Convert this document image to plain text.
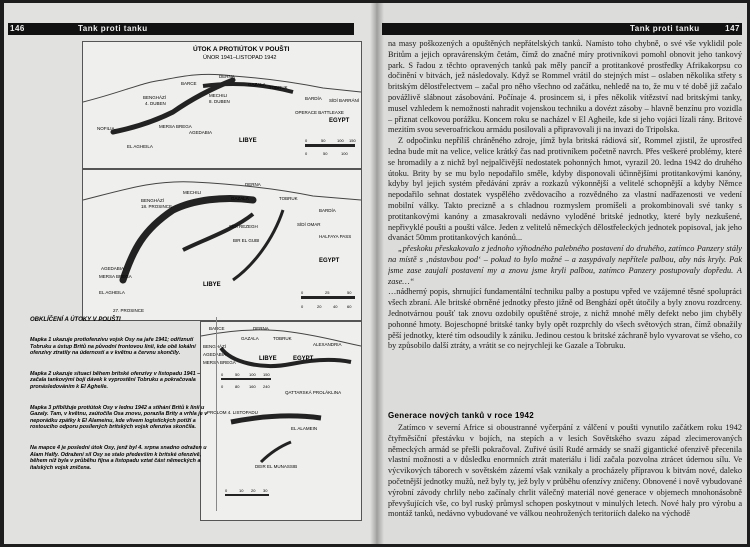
146	Tank proti tanku
ÚTOK A PROTIÚTOK V POUŠTI
ÚNOR 1941–LISTOPAD 1942
BENGHÁZÍ
4. DUBEN
BARCE
DERNA
MECHILI
8. DUBEN
TOBRUK
GAZALA
BARDÍA SÍDÍ BARRÁNÍ
MERSA BREGA
AGEDABIA
NOFILIA
EL AGHEILA
LIBYE
EGYPT
OPERACE BATTLEAXE
0	50	100 150
0	50	100
BENGHÁZÍ
18. PROSINCE
MECHILI
DERNA
GAZALA	TOBRUK
SÍDÍ REZEGH
BIR EL GUBI
SÍDÍ OMAR
BARDÍA
HALFAYA PASS
AGEDABIA
MERSA BREGA
EL AGHEILA
LIBYE
EGYPT
27. PROSINCE
0	25	50
0	20	40 60
BARCE	DERNA
GAZALA	TOBRUK
BENGHÁZÍ
AGEDABIA
MERSA BREGA
LIBYE	EGYPT
ALEXANDRIA
EL ALAMEIN
PROLOM 4. LISTOPADU
QATTARSKÁ PROLÁKLINA
DEIR EL MUNASSIB
0	50 100 150
0	80 160 240
0	10 20 30

OBKLÍČENÍ A ÚTOKY V POUŠTI

Mapka 1 ukazuje protiofenzívu vojsk Osy na jaře 1941; odříznutí Tobruku a ústup Britů na původní frontovou linii, kde obě lokální ofenzívy ztratily na úderností a v květnu a červnu skončily.

Mapka 2 ukazuje situaci během britské ofenzívy v listopadu 1941 – začala tankovými boji dávek k vyprostění Tobruku a pokračovala pronásledováním k El Agheile.

Mapka 3 přibližuje protiútok Osy v lednu 1942 a stíhání Britů k linii u Gazaly. Tam, v květnu, zaútočila Osa znovu, porazila Brity a vrhla je v neporádku zpátky k El Alameinu, kde vlivem logistických potíží a rostoucího odporu posílených britských vojsk ofenzíva skončila.

Na mapce 4 je poslední útok Osy, jenž byl 4. srpna snadno odražen u Alam Halfy. Odražení sil Osy se stalo především k britské ofenzívě, během níž byla v průběhu října a listopadu vztat část německých a italských vojsk zničena.

Tank proti tanku	147

na masy poškozených a opuštěných nepřátelských tanků. Namísto toho chybně, o své vše vyklidil pole Britům a jejich opravárenským četám, čímž do značné míry protivníkovi pomohl obnovit jeho tankový park. S řadou z těchto opravených tanků pak měly pancíř a protitankové prostředky Afrikakorpsu co dočinění v bitvách, jež následovaly. Když se Rommel vrátil do stejných míst – oslaben několika střety s britským dělostřelectvem – začal pro něho všechno od začátku, nehledě na to, že mu v té době již začalo povážlivě slábnout zásobování. Počínaje 4. prosincem si, i přes několik vítězství nad britskými tanky, musel vzhledem k nemožnosti nahradit vojenskou techniku a dovézt zásoby – hlavně benzínu pro vozidla – přiznat celkovou porážku. Koncem roku se nacházel v El Agheile, kde si jeho vojáci lízali rány. Britové mezitím svou severoafrickou armádu posilovali a připravovali ji na invazi do Tripolska.

Z odpočinku nepřílíš chráněného zdroje, jímž byla britská rádiová síť, Rommel zjistil, že uprostřed ledna bude mít na velice, velice krátký čas nad protivníkem početně navrch. Přes veškeré problémy, které se hromadily a z nichž byl nejpalčivější nedostatek pohonných hmot, vyrazil 20. ledna 1942 do druhého útoku. Brity by se mu bylo nepodařilo směle, kdyby disponovali účinnějšími protitankovými kanóny, kdyby byl jejich systém předávání zpráv a rozkazů výkonnější a velitelé schopnější a kdyby Němce nepodařilo sehnat dostatek vyspělého zvědovacího a rozvědného za vlastní nadřazenosti ve vedení mobilní války. Takto precizně a s chladnou rozmyslem promíšeli a prokombinovali své tanky s protitankovými kanóny a zmasakrovali nedávno vyloděné britské jednotky, které byly nezkušené, nepřivyklé poušti a poušti válce. Jeden z velitelů německých dělostřeleckých jednotek popisoval, jak jeho dvanáct 50mm protitankových kanónů...

„přeskoku přeskakovalo z jednoho výhodného palebného postavení do druhého, zatímco Panzery stály na místě s ‚nástavbou pod‘ – pokud to bylo možné – a zasypávaly nepřítele palbou, aby nás kryly. Pak jsme zase zaujali postavení my a znovu jsme kryli palbou, zatímco Panzery postupovaly dopředu. A zase…“

…nádherný popis, shrnující fundamentální techniku palby a postupu vpřed ve vzájemné těsné spolupráci všech zbraní. Ale britské obrněné jednotky přesto jižně od Benghází opět útočily a byly znovu rozdrceny. Jednotvárnou poušť tak znovu ozdobily opuštěné stroje, z nichž mnohé měly defekt nebo jim chyběly pohonné hmoty. Bojeschopné britské tanky byly opět rozprchly do všech světových stran, čímž obnažily pěší jednotky, které tím odsoudily k zániku. Jedinou cestou k britské záchraně bylo vyvarovat se všeho, co by způsobilo další ztráty, a vrátit se co nejrychleji ke Gazale a Tobruku.

Generace nových tanků v roce 1942

Zatímco v severní Africe si oboustranné vyčerpání z válčení v poušti vynutilo začátkem roku 1942 čtyřměsíční přestávku v bojích, na stepích a v lesích Sovětského svazu západ zlecimerovaných německých armád se přešli pokračoval. Zuřivé úsilí Rudé armády se snaží gigantické ofenzivě přecenila vlastní možnosti a v důsledku enormních ztrát materiálu i lidí začala pozvolna ztrácet údernou sílu. Ve výcvikových táborech v sovětském zázemí však vznikaly a procházely přípravou k bitvám nové, daleko početnější jednotky mužů, než byly ty, jež byly v průběhu ofenzívy zničeny. Obnovené i nově vybudované výrobní závody chrlily nebo začínaly chrlit válečný materiál nové generace v objemech mnohonásobně převyšujících vše, co byl ruský průmysl schopen poskytnout v minulých letech. Nové haly pro výrobu a montáž tanků, nedávno vybudované ve válkou neohrožených teritoriích daleko na východě
